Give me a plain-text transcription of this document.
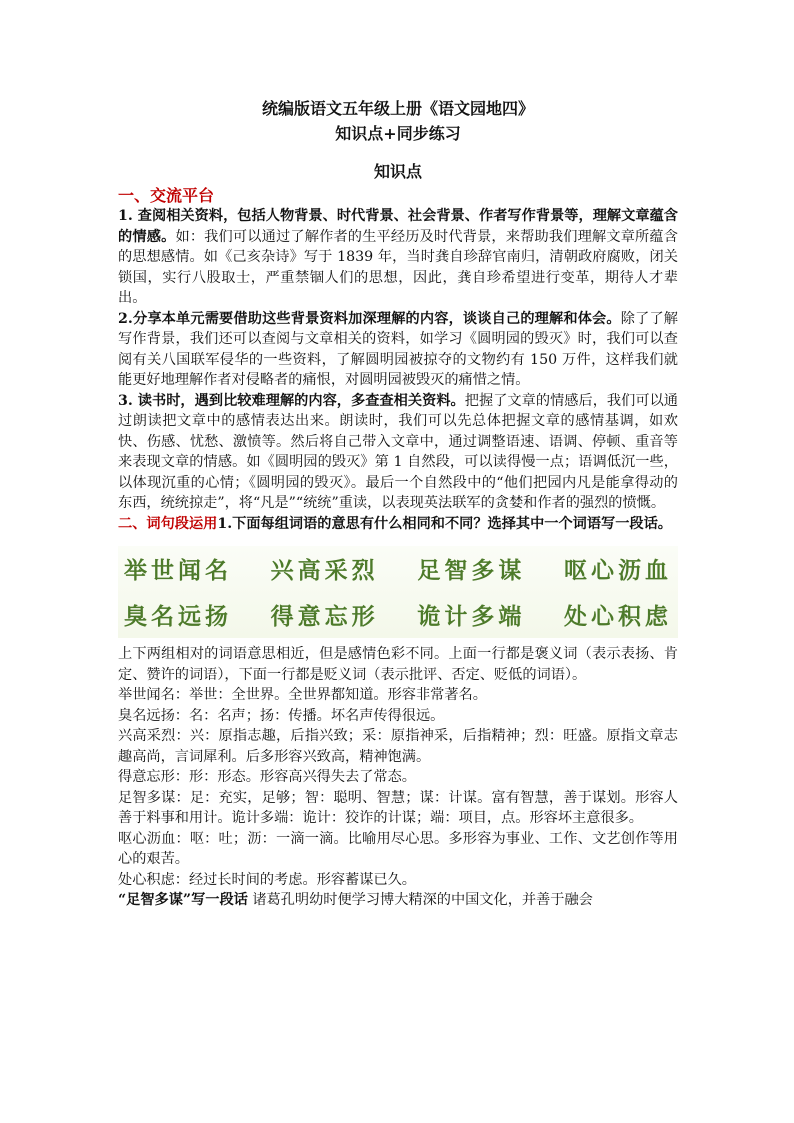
统编版语文五年级上册《语文园地四》
知识点+同步练习
知识点
一、交流平台

1. 查阅相关资料，包括人物背景、时代背景、社会背景、作者写作背景等，理解文章蕴含的情感。如：我们可以通过了解作者的生平经历及时代背景，来帮助我们理解文章所蕴含的思想感情。如《己亥杂诗》写于 1839 年，当时龚自珍辞官南归，清朝政府腐败，闭关锁国，实行八股取士，严重禁锢人们的思想，因此，龚自珍希望进行变革，期待人才辈出。

2.分享本单元需要借助这些背景资料加深理解的内容，谈谈自己的理解和体会。除了了解写作背景，我们还可以查阅与文章相关的资料，如学习《圆明园的毁灭》时，我们可以查阅有关八国联军侵华的一些资料，了解圆明园被掠夺的文物约有 150 万件，这样我们就能更好地理解作者对侵略者的痛恨，对圆明园被毁灭的痛惜之情。

3. 读书时，遇到比较难理解的内容，多查查相关资料。把握了文章的情感后，我们可以通过朗读把文章中的感情表达出来。朗读时，我们可以先总体把握文章的感情基调，如欢快、伤感、忧愁、激愤等。然后将自己带入文章中，通过调整语速、语调、停顿、重音等来表现文章的情感。如《圆明园的毁灭》第 1 自然段，可以读得慢一点；语调低沉一些，以体现沉重的心情；《圆明园的毁灭》。最后一个自然段中的“他们把园内凡是能拿得动的东西，统统掠走”，将“凡是”“统统”重读，以表现英法联军的贪婪和作者的强烈的愤慨。

二、词句段运用1.下面每组词语的意思有什么相同和不同？选择其中一个词语写一段话。

举世闻名 兴高采烈 足智多谋 呕心沥血
臭名远扬 得意忘形 诡计多端 处心积虑

上下两组相对的词语意思相近，但是感情色彩不同。上面一行都是褒义词（表示表扬、肯定、赞许的词语），下面一行都是贬义词（表示批评、否定、贬低的词语）。

举世闻名：举世：全世界。全世界都知道。形容非常著名。

臭名远扬：名：名声；扬：传播。坏名声传得很远。

兴高采烈：兴：原指志趣，后指兴致；采：原指神采，后指精神；烈：旺盛。原指文章志趣高尚，言词犀利。后多形容兴致高，精神饱满。

得意忘形：形：形态。形容高兴得失去了常态。

足智多谋：足：充实，足够；智：聪明、智慧；谋：计谋。富有智慧，善于谋划。形容人善于料事和用计。诡计多端：诡计：狡诈的计谋；端：项目，点。形容坏主意很多。

呕心沥血：呕：吐；沥：一滴一滴。比喻用尽心思。多形容为事业、工作、文艺创作等用心的艰苦。

处心积虑：经过长时间的考虑。形容蓄谋已久。

“足智多谋”写一段话 诸葛孔明幼时便学习博大精深的中国文化，并善于融会
